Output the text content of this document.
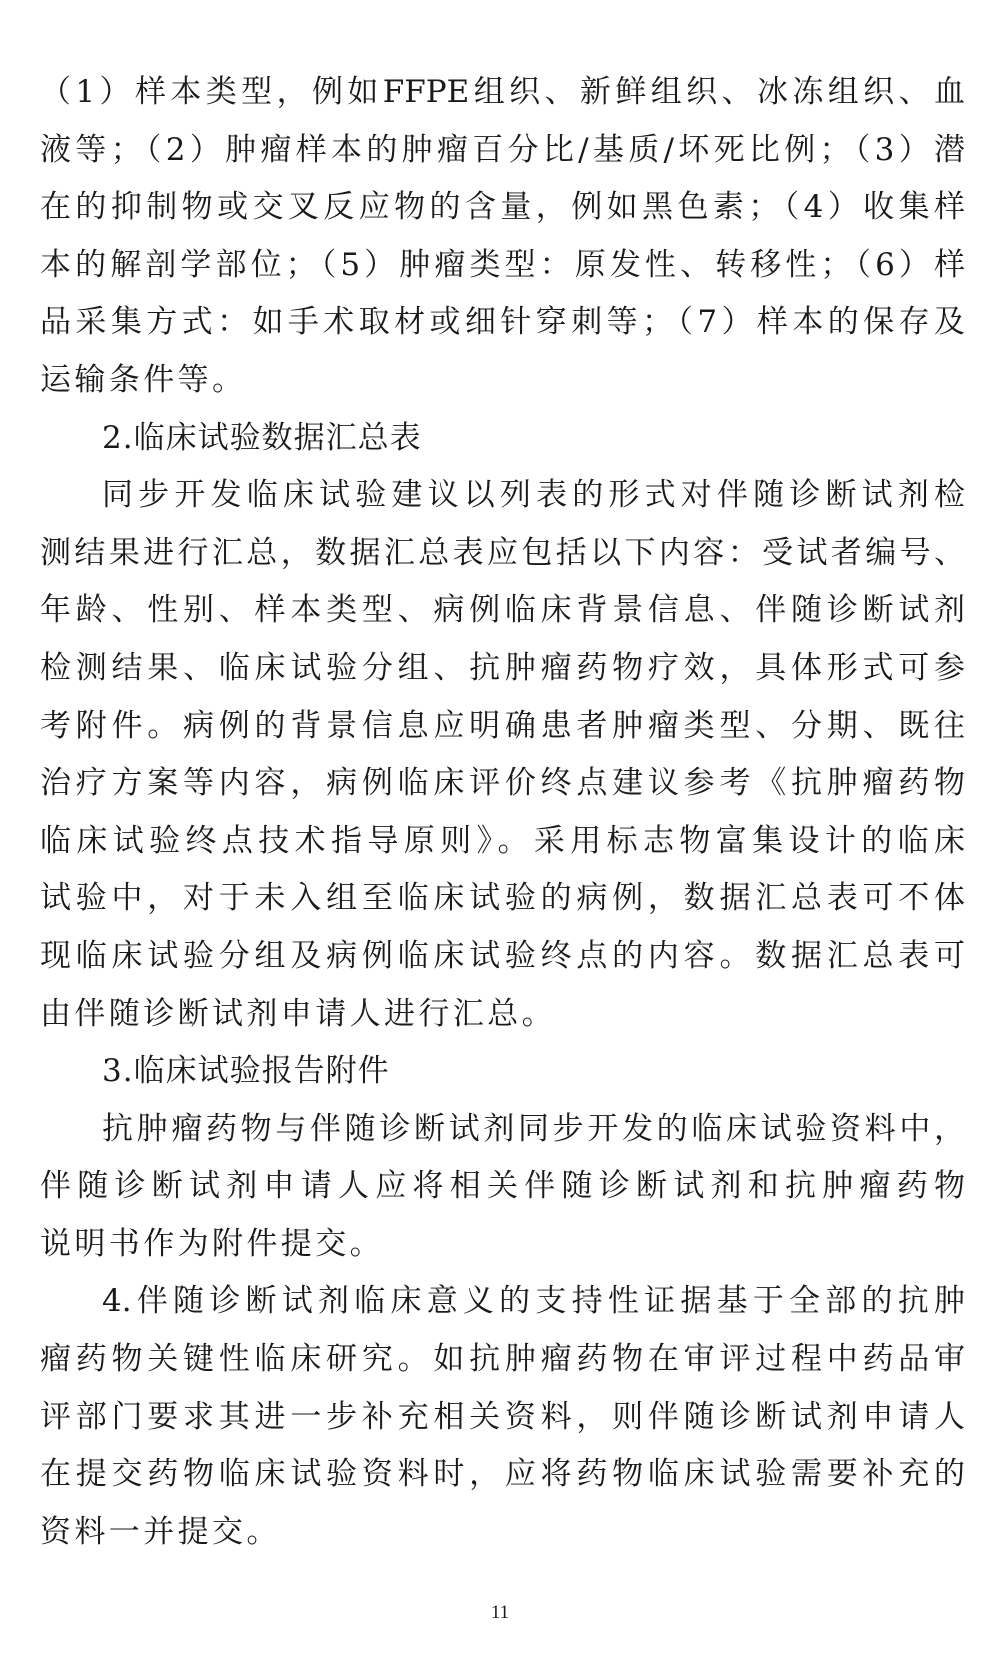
（1）样本类型，例如FFPE组织、新鲜组织、冰冻组织、血
液等；（2）肿瘤样本的肿瘤百分比/基质/坏死比例；（3）潜
在的抑制物或交叉反应物的含量，例如黑色素；（4）收集样
本的解剖学部位；（5）肿瘤类型：原发性、转移性；（6）样
品采集方式：如手术取材或细针穿刺等；（7）样本的保存及
运输条件等。
2.临床试验数据汇总表
同步开发临床试验建议以列表的形式对伴随诊断试剂检
测结果进行汇总，数据汇总表应包括以下内容：受试者编号、
年龄、性别、样本类型、病例临床背景信息、伴随诊断试剂
检测结果、临床试验分组、抗肿瘤药物疗效，具体形式可参
考附件。病例的背景信息应明确患者肿瘤类型、分期、既往
治疗方案等内容，病例临床评价终点建议参考《抗肿瘤药物
临床试验终点技术指导原则》。采用标志物富集设计的临床
试验中，对于未入组至临床试验的病例，数据汇总表可不体
现临床试验分组及病例临床试验终点的内容。数据汇总表可
由伴随诊断试剂申请人进行汇总。
3.临床试验报告附件
抗肿瘤药物与伴随诊断试剂同步开发的临床试验资料中，
伴随诊断试剂申请人应将相关伴随诊断试剂和抗肿瘤药物
说明书作为附件提交。
4.伴随诊断试剂临床意义的支持性证据基于全部的抗肿
瘤药物关键性临床研究。如抗肿瘤药物在审评过程中药品审
评部门要求其进一步补充相关资料，则伴随诊断试剂申请人
在提交药物临床试验资料时，应将药物临床试验需要补充的
资料一并提交。
11
